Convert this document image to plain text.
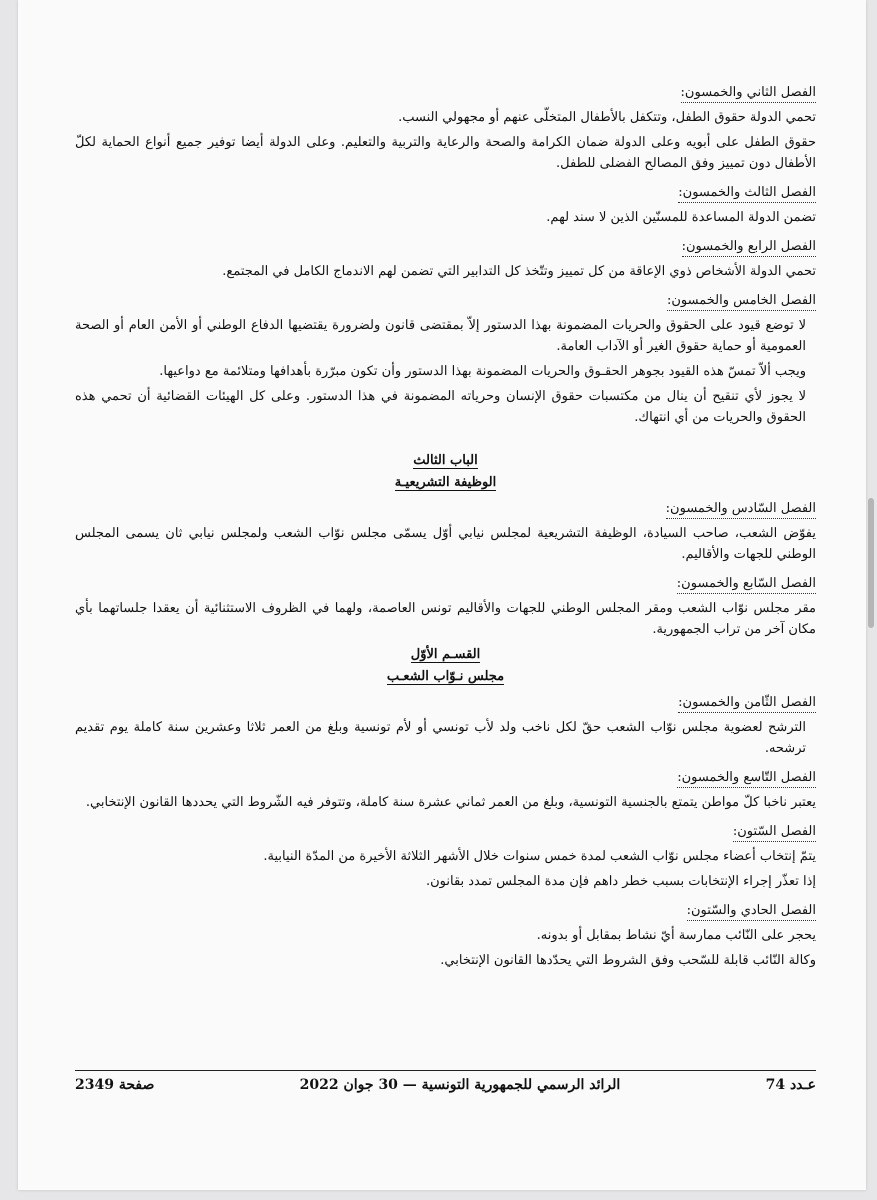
الفصل الثاني والخمسون:

تحمي الدولة حقوق الطفل، وتتكفل بالأطفال المتخلّى عنهم أو مجهولي النسب.

حقوق الطفل على أبويه وعلى الدولة ضمان الكرامة والصحة والرعاية والتربية والتعليم. وعلى الدولة أيضا توفير جميع أنواع الحماية لكلّ الأطفال دون تمييز وفق المصالح الفضلى للطفل.

الفصل الثالث والخمسون:

تضمن الدولة المساعدة للمسنّين الذين لا سند لهم.

الفصل الرابع والخمسون:

تحمي الدولة الأشخاص ذوي الإعاقة من كل تمييز وتتّخذ كل التدابير التي تضمن لهم الاندماج الكامل في المجتمع.

الفصل الخامس والخمسون:

لا توضع قيود على الحقوق والحريات المضمونة بهذا الدستور إلاّ بمقتضى قانون ولضرورة يقتضيها الدفاع الوطني أو الأمن العام أو الصحة العمومية أو حماية حقوق الغير أو الآداب العامة.

ويجب ألاّ تمسّ هذه القيود بجوهر الحقـوق والحريات المضمونة بهذا الدستور وأن تكون مبرّرة بأهدافها ومتلائمة مع دواعيها.

لا يجوز لأي تنقيح أن ينال من مكتسبات حقوق الإنسان وحرياته المضمونة في هذا الدستور. وعلى كل الهيئات القضائية أن تحمي هذه الحقوق والحريات من أي انتهاك.

الباب الثالث

الوظيفة التشريعيـة

الفصل السّادس والخمسون:

يفوّض الشعب، صاحب السيادة، الوظيفة التشريعية لمجلس نيابي أوّل يسمّى مجلس نوّاب الشعب ولمجلس نيابي ثان يسمى المجلس الوطني للجهات والأقاليم.

الفصل السّابع والخمسون:

مقر مجلس نوّاب الشعب ومقر المجلس الوطني للجهات والأقاليم تونس العاصمة، ولهما في الظروف الاستثنائية أن يعقدا جلساتهما بأي مكان آخر من تراب الجمهورية.

القسـم الأوّل

مجلس نـوّاب الشعـب

الفصل الثّامن والخمسون:

الترشح لعضوية مجلس نوّاب الشعب حقّ لكل ناخب ولد لأب تونسي أو لأم تونسية وبلغ من العمر ثلاثا وعشرين سنة كاملة يوم تقديم ترشحه.

الفصل التّاسع والخمسون:

يعتبر ناخبا كلّ مواطن يتمتع بالجنسية التونسية، وبلغ من العمر ثماني عشرة سنة كاملة، وتتوفر فيه الشّروط التي يحددها القانون الإنتخابي.

الفصل السّتون:

يتمّ إنتخاب أعضاء مجلس نوّاب الشعب لمدة خمس سنوات خلال الأشهر الثلاثة الأخيرة من المدّة النيابية.

إذا تعذّر إجراء الإنتخابات بسبب خطر داهم فإن مدة المجلس تمدد بقانون.

الفصل الحادي والسّتون:

يحجر على النّائب ممارسة أيّ نشاط بمقابل أو بدونه.

وكالة النّائب قابلة للسّحب وفق الشروط التي يحدّدها القانون الإنتخابي.

عـدد 74
الرائد الرسمي للجمهورية التونسية — 30 جوان 2022
صفحة 2349
